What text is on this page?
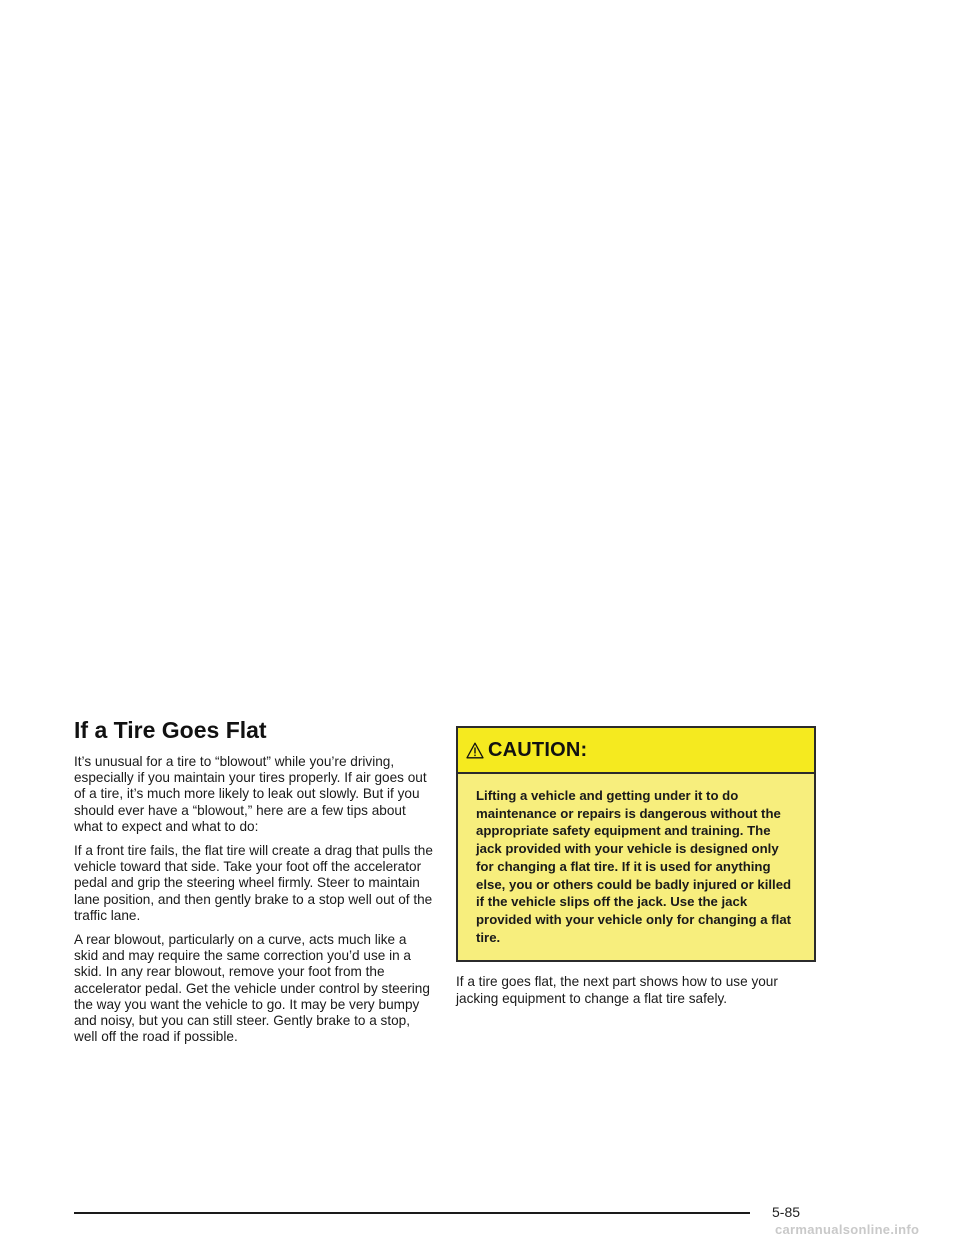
If a Tire Goes Flat

It’s unusual for a tire to “blowout” while you’re driving, especially if you maintain your tires properly. If air goes out of a tire, it’s much more likely to leak out slowly. But if you should ever have a “blowout,” here are a few tips about what to expect and what to do:

If a front tire fails, the flat tire will create a drag that pulls the vehicle toward that side. Take your foot off the accelerator pedal and grip the steering wheel firmly. Steer to maintain lane position, and then gently brake to a stop well out of the traffic lane.

A rear blowout, particularly on a curve, acts much like a skid and may require the same correction you’d use in a skid. In any rear blowout, remove your foot from the accelerator pedal. Get the vehicle under control by steering the way you want the vehicle to go. It may be very bumpy and noisy, but you can still steer. Gently brake to a stop, well off the road if possible.

CAUTION:
Lifting a vehicle and getting under it to do maintenance or repairs is dangerous without the appropriate safety equipment and training. The jack provided with your vehicle is designed only for changing a flat tire. If it is used for anything else, you or others could be badly injured or killed if the vehicle slips off the jack. Use the jack provided with your vehicle only for changing a flat tire.

If a tire goes flat, the next part shows how to use your jacking equipment to change a flat tire safely.

5-85
carmanualsonline.info
